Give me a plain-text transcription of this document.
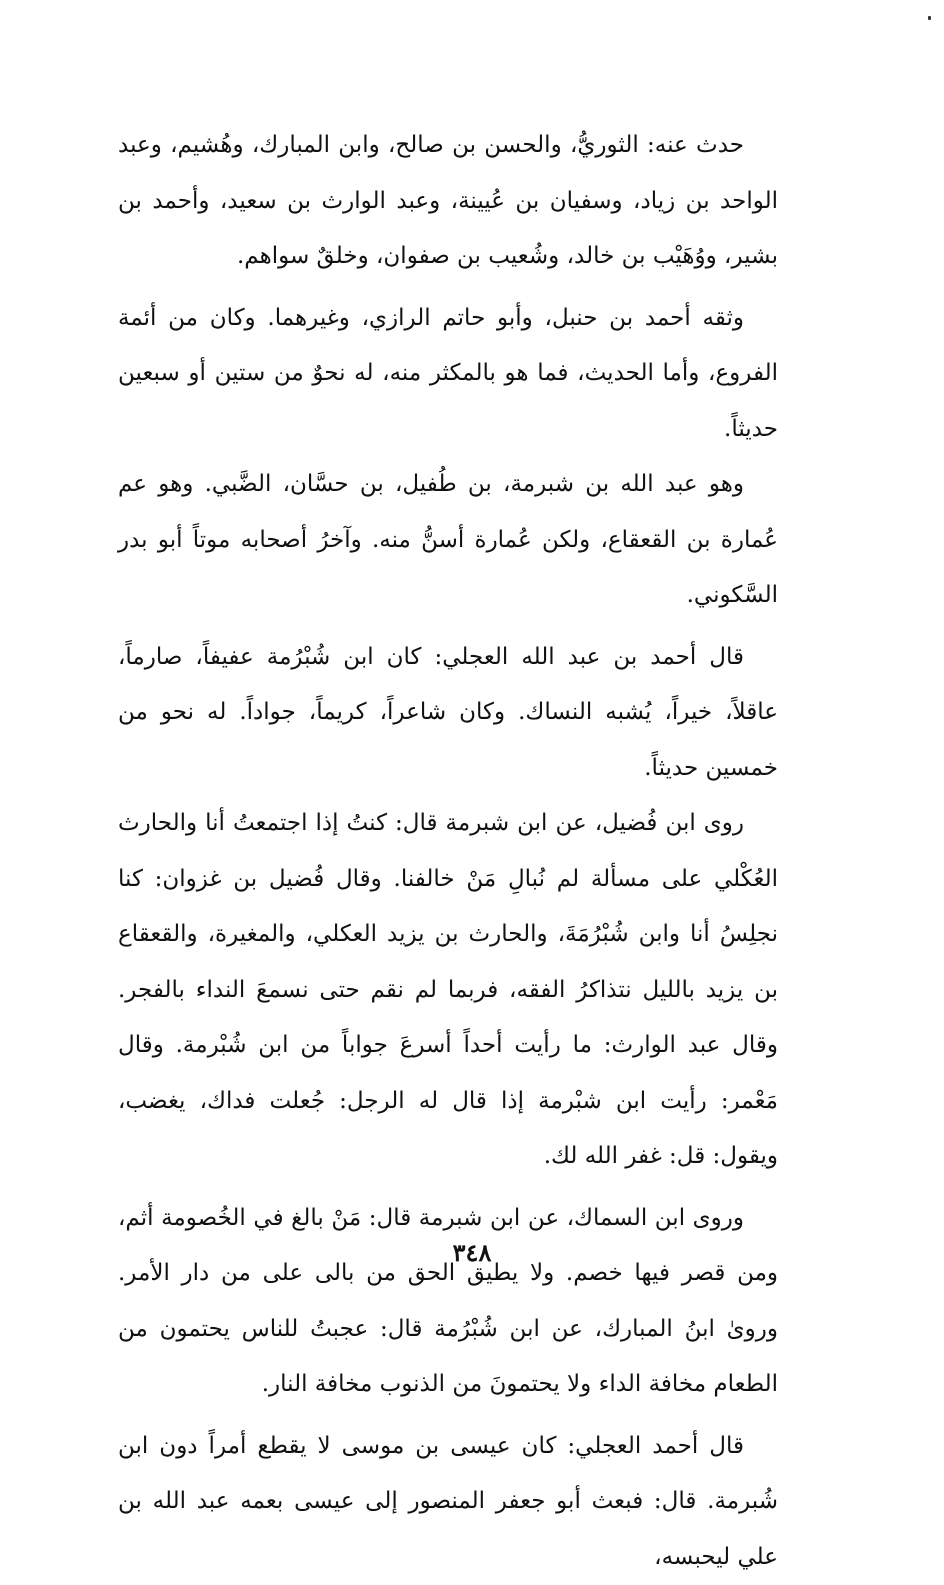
حدث عنه: الثوريُّ، والحسن بن صالح، وابن المبارك، وهُشيم، وعبد الواحد بن زياد، وسفيان بن عُيينة، وعبد الوارث بن سعيد، وأحمد بن بشير، ووُهَيْب بن خالد، وشُعيب بن صفوان، وخلقٌ سواهم.

وثقه أحمد بن حنبل، وأبو حاتم الرازي، وغيرهما. وكان من أئمة الفروع، وأما الحديث، فما هو بالمكثر منه، له نحوٌ من ستين أو سبعين حديثاً.

وهو عبد الله بن شبرمة، بن طُفيل، بن حسَّان، الضَّبي. وهو عم عُمارة بن القعقاع، ولكن عُمارة أسنُّ منه. وآخرُ أصحابه موتاً أبو بدر السَّكوني.

قال أحمد بن عبد الله العجلي: كان ابن شُبْرُمة عفيفاً، صارماً، عاقلاً، خيراً، يُشبه النساك. وكان شاعراً، كريماً، جواداً. له نحو من خمسين حديثاً.

روى ابن فُضيل، عن ابن شبرمة قال: كنتُ إذا اجتمعتُ أنا والحارث العُكْلي على مسألة لم نُبالِ مَنْ خالفنا. وقال فُضيل بن غزوان: كنا نجلِسُ أنا وابن شُبْرُمَةَ، والحارث بن يزيد العكلي، والمغيرة، والقعقاع بن يزيد بالليل نتذاكرُ الفقه، فربما لم نقم حتى نسمعَ النداء بالفجر. وقال عبد الوارث: ما رأيت أحداً أسرعَ جواباً من ابن شُبْرمة. وقال مَعْمر: رأيت ابن شبْرمة إذا قال له الرجل: جُعلت فداك، يغضب، ويقول: قل: غفر الله لك.

وروى ابن السماك، عن ابن شبرمة قال: مَنْ بالغ في الخُصومة أثم، ومن قصر فيها خصم. ولا يطيق الحق من بالى على من دار الأمر. وروىٰ ابنُ المبارك، عن ابن شُبْرُمة قال: عجبتُ للناس يحتمون من الطعام مخافة الداء ولا يحتمونَ من الذنوب مخافة النار.

قال أحمد العجلي: كان عيسى بن موسى لا يقطع أمراً دون ابن شُبرمة. قال: فبعث أبو جعفر المنصور إلى عيسى بعمه عبد الله بن علي ليحبسه،

٣٤٨
